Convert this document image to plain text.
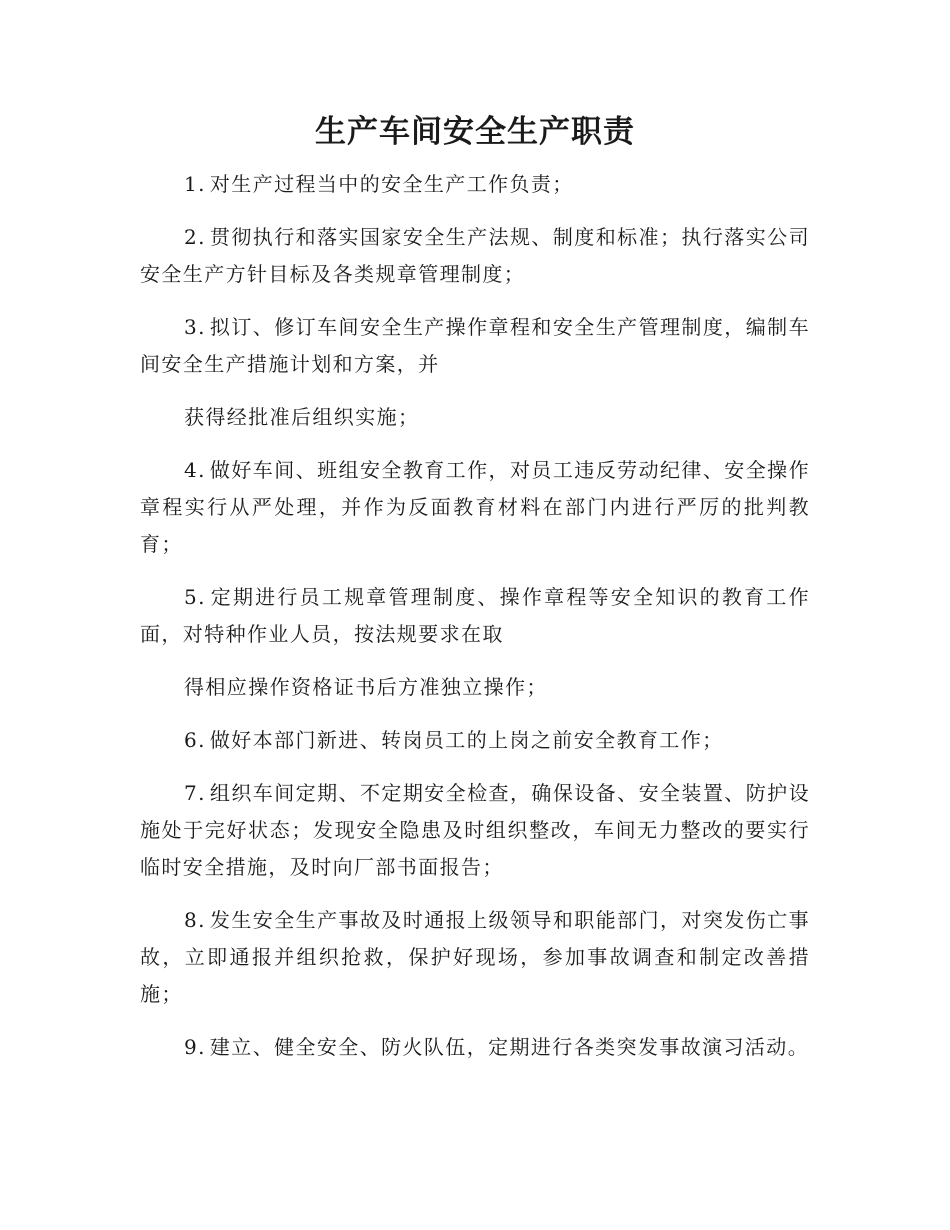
生产车间安全生产职责

1. 对生产过程当中的安全生产工作负责；

2. 贯彻执行和落实国家安全生产法规、制度和标准；执行落实公司安全生产方针目标及各类规章管理制度；

3. 拟订、修订车间安全生产操作章程和安全生产管理制度，编制车间安全生产措施计划和方案，并

获得经批准后组织实施；

4. 做好车间、班组安全教育工作，对员工违反劳动纪律、安全操作章程实行从严处理，并作为反面教育材料在部门内进行严厉的批判教育；

5. 定期进行员工规章管理制度、操作章程等安全知识的教育工作面，对特种作业人员，按法规要求在取

得相应操作资格证书后方准独立操作；

6. 做好本部门新进、转岗员工的上岗之前安全教育工作；

7. 组织车间定期、不定期安全检查，确保设备、安全装置、防护设施处于完好状态；发现安全隐患及时组织整改，车间无力整改的要实行临时安全措施，及时向厂部书面报告；

8. 发生安全生产事故及时通报上级领导和职能部门，对突发伤亡事故，立即通报并组织抢救，保护好现场，参加事故调查和制定改善措施；

9. 建立、健全安全、防火队伍，定期进行各类突发事故演习活动。
